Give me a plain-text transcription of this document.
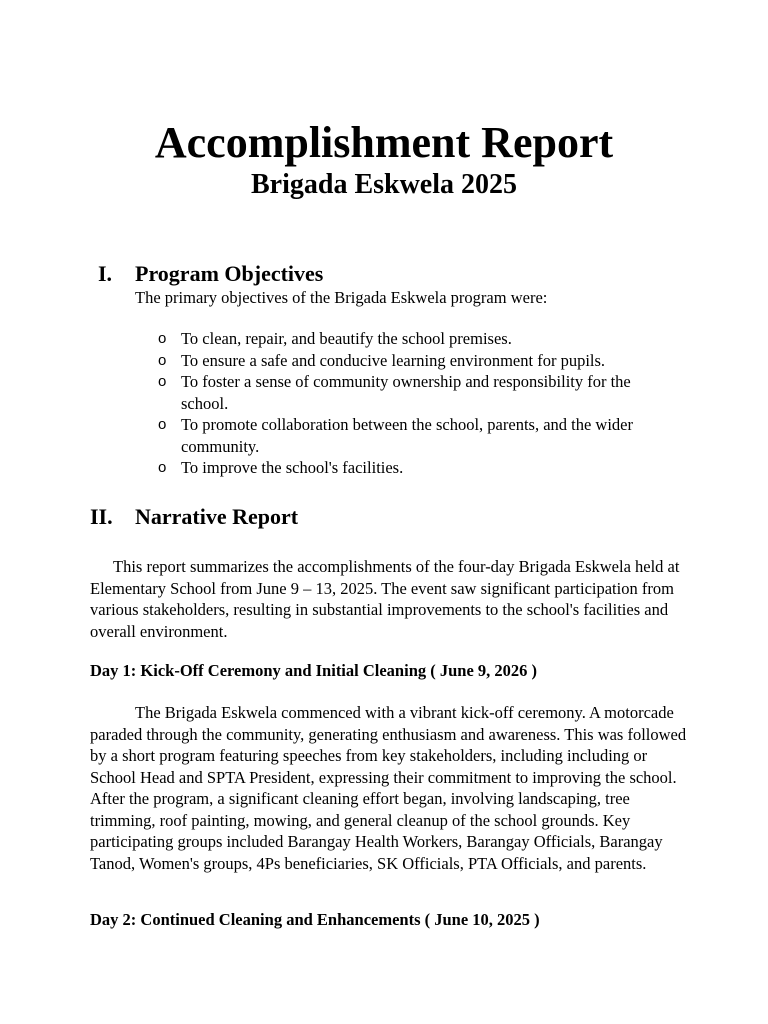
Accomplishment Report
Brigada Eskwela 2025
I. Program Objectives

The primary objectives of the Brigada Eskwela program were:

o To clean, repair, and beautify the school premises.
o To ensure a safe and conducive learning environment for pupils.
o To foster a sense of community ownership and responsibility for the school.
o To promote collaboration between the school, parents, and the wider community.
o To improve the school's facilities.
II. Narrative Report

This report summarizes the accomplishments of the four-day Brigada Eskwela held at Elementary School from June 9 – 13, 2025. The event saw significant participation from various stakeholders, resulting in substantial improvements to the school's facilities and overall environment.

Day 1: Kick-Off Ceremony and Initial Cleaning ( June 9, 2026 )

The Brigada Eskwela commenced with a vibrant kick-off ceremony. A motorcade paraded through the community, generating enthusiasm and awareness. This was followed by a short program featuring speeches from key stakeholders, including including or School Head and SPTA President, expressing their commitment to improving the school. After the program, a significant cleaning effort began, involving landscaping, tree trimming, roof painting, mowing, and general cleanup of the school grounds. Key participating groups included Barangay Health Workers, Barangay Officials, Barangay Tanod, Women's groups, 4Ps beneficiaries, SK Officials, PTA Officials, and parents.

Day 2: Continued Cleaning and Enhancements ( June 10, 2025 )
